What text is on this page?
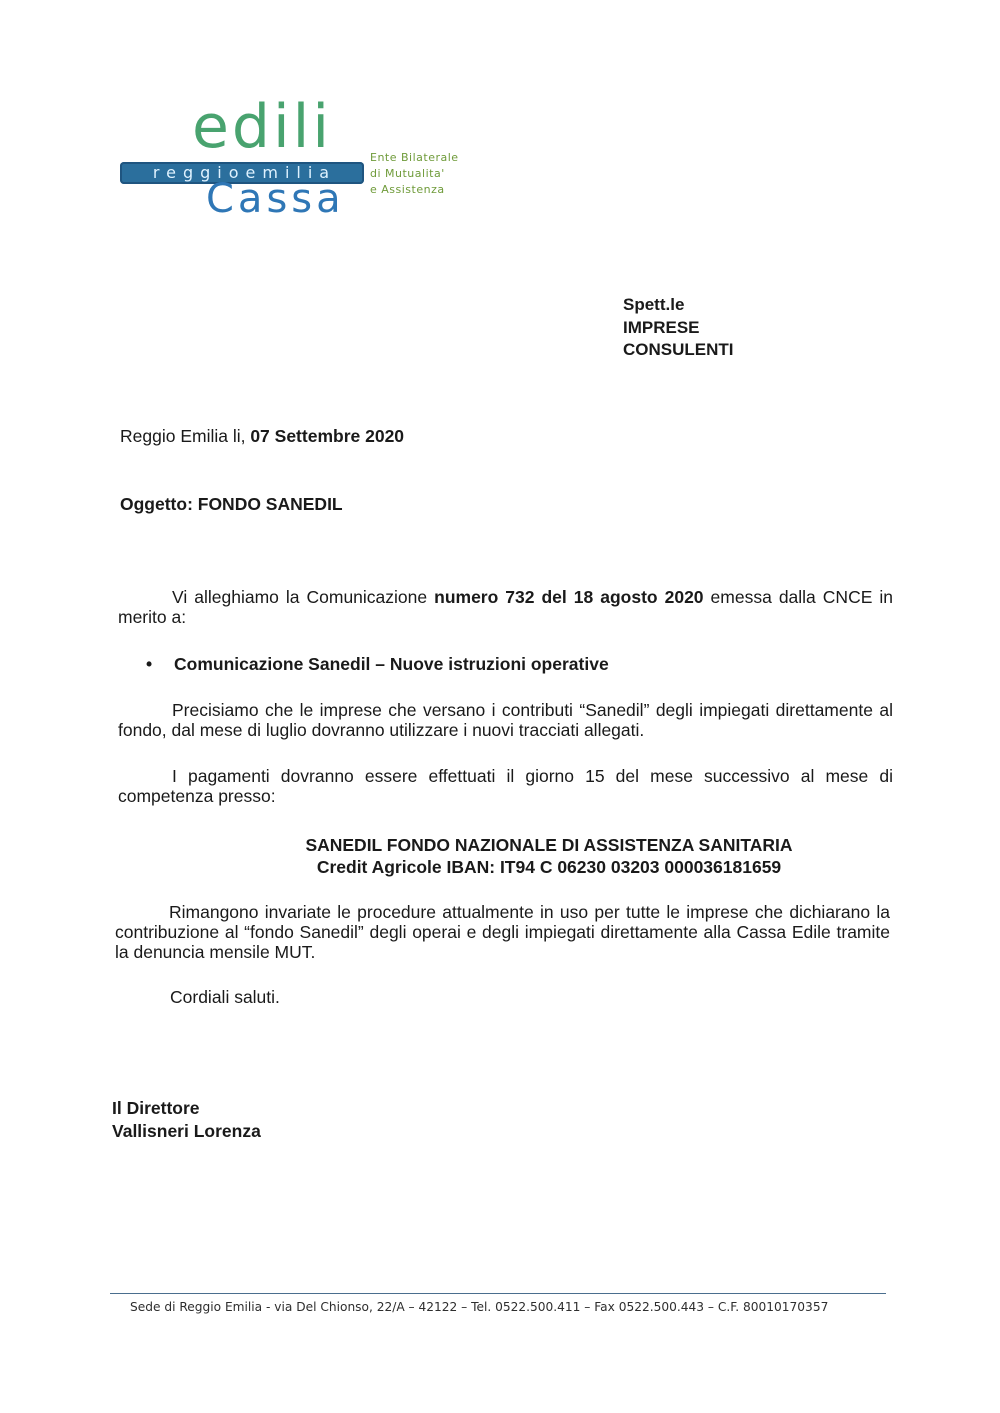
edili
reggioemilia
Cassa
Ente Bilaterale
di Mutualita'
e Assistenza
Spett.le
IMPRESE
CONSULENTI
Reggio Emilia li, 07 Settembre 2020
Oggetto: FONDO SANEDIL
Vi alleghiamo la Comunicazione numero 732 del 18 agosto 2020 emessa dalla CNCE in merito a:
• Comunicazione Sanedil – Nuove istruzioni operative
Precisiamo che le imprese che versano i contributi “Sanedil” degli impiegati direttamente al fondo, dal mese di luglio dovranno utilizzare i nuovi tracciati allegati.
I pagamenti dovranno essere effettuati il giorno 15 del mese successivo al mese di competenza presso:
SANEDIL FONDO NAZIONALE DI ASSISTENZA SANITARIA
Credit Agricole IBAN: IT94 C 06230 03203 000036181659
Rimangono invariate le procedure attualmente in uso per tutte le imprese che dichiarano la contribuzione al “fondo Sanedil” degli operai e degli impiegati direttamente alla Cassa Edile tramite la denuncia mensile MUT.
Cordiali saluti.
Il Direttore
Vallisneri Lorenza
Sede di Reggio Emilia - via Del Chionso, 22/A – 42122 – Tel. 0522.500.411 – Fax 0522.500.443 – C.F. 80010170357
